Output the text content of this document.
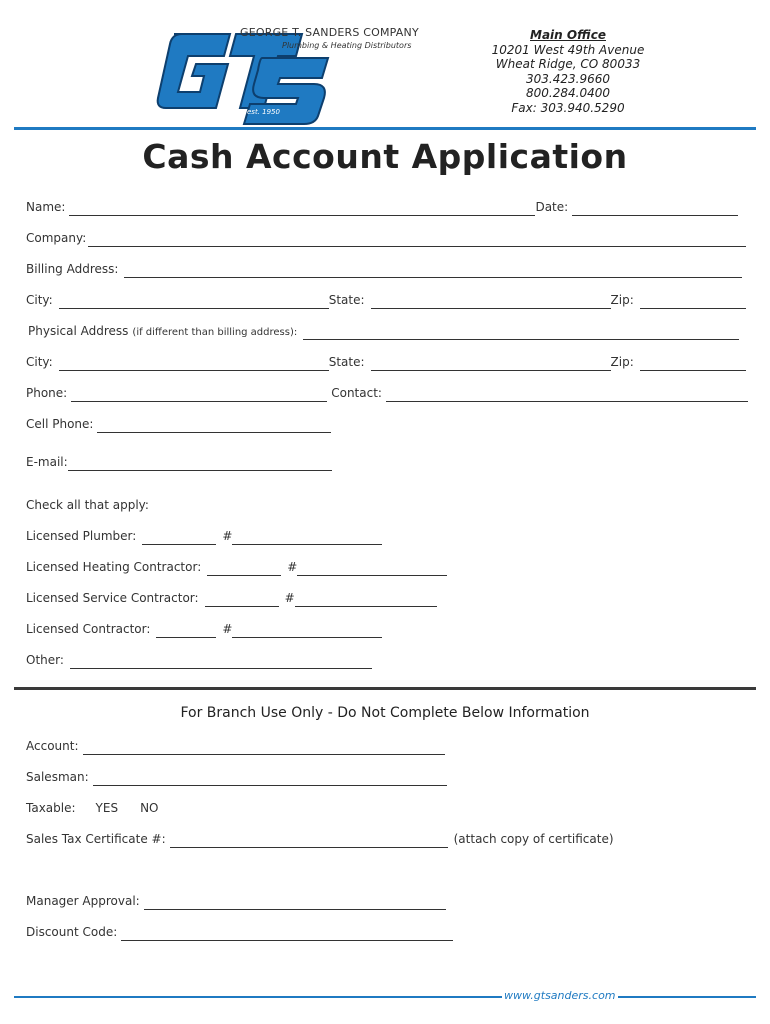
GEORGE T. SANDERS COMPANY
Plumbing & Heating Distributors
est. 1950
Main Office
10201 West 49th Avenue
Wheat Ridge, CO 80033
303.423.9660
800.284.0400
Fax: 303.940.5290
Cash Account Application
Name:	Date:
Company:
Billing Address:
City:	State:	Zip:
Physical Address (if different than billing address):
City:	State:	Zip:
Phone:	Contact:
Cell Phone:
E-mail:
Check all that apply:
Licensed Plumber:	#
Licensed Heating Contractor:	#
Licensed Service Contractor:	#
Licensed Contractor:	#
Other:
For Branch Use Only - Do Not Complete Below Information
Account:
Salesman:
Taxable: YES NO
Sales Tax Certificate #:	(attach copy of certificate)
Manager Approval:
Discount Code:
www.gtsanders.com
